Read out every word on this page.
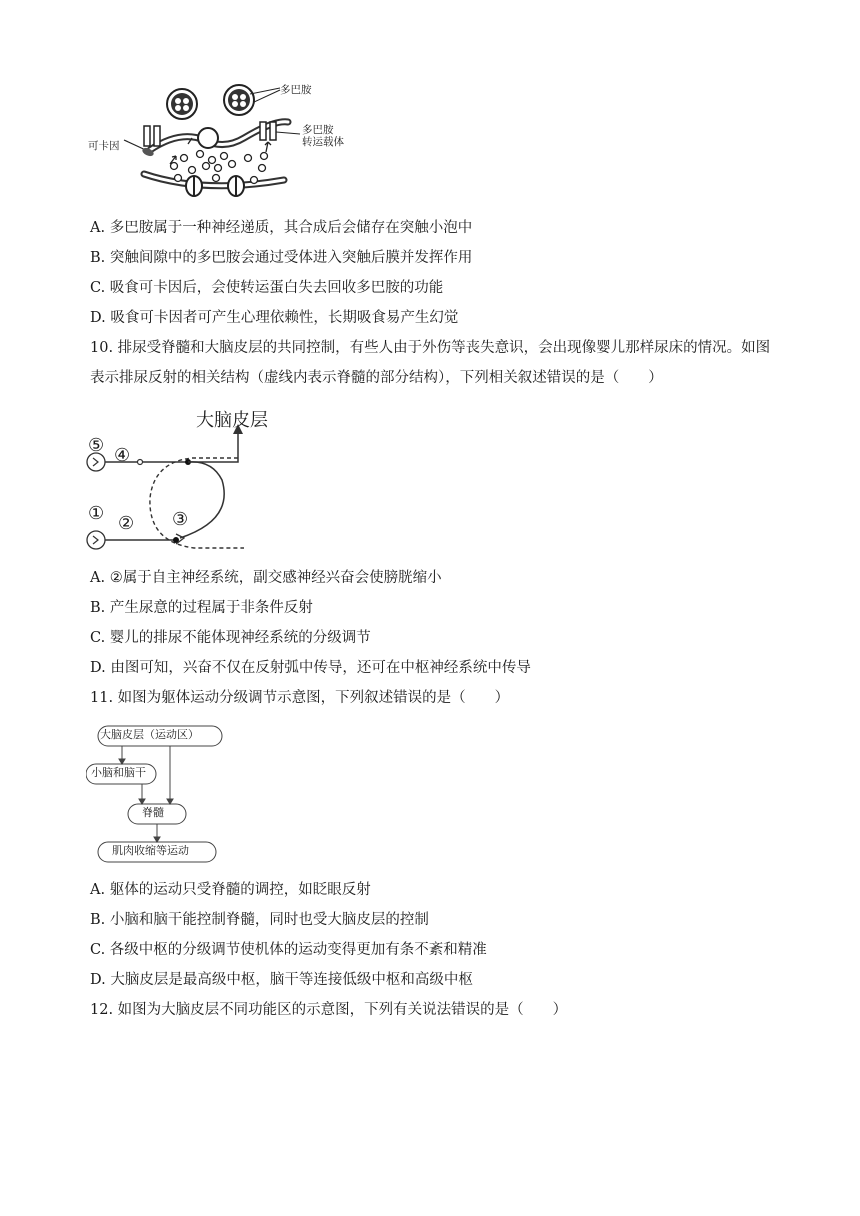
多巴胺
多巴胺
转运载体
可卡因
A. 多巴胺属于一种神经递质，其合成后会储存在突触小泡中
B. 突触间隙中的多巴胺会通过受体进入突触后膜并发挥作用
C. 吸食可卡因后，会使转运蛋白失去回收多巴胺的功能
D. 吸食可卡因者可产生心理依赖性，长期吸食易产生幻觉
10. 排尿受脊髓和大脑皮层的共同控制，有些人由于外伤等丧失意识，会出现像婴儿那样尿床的情况。如图
表示排尿反射的相关结构（虚线内表示脊髓的部分结构），下列相关叙述错误的是（　　）
大脑皮层
⑤ ④
① ② ③
A. ②属于自主神经系统，副交感神经兴奋会使膀胱缩小
B. 产生尿意的过程属于非条件反射
C. 婴儿的排尿不能体现神经系统的分级调节
D. 由图可知，兴奋不仅在反射弧中传导，还可在中枢神经系统中传导
11. 如图为躯体运动分级调节示意图，下列叙述错误的是（　　）
大脑皮层（运动区）
小脑和脑干
脊髓
肌肉收缩等运动
A. 躯体的运动只受脊髓的调控，如眨眼反射
B. 小脑和脑干能控制脊髓，同时也受大脑皮层的控制
C. 各级中枢的分级调节使机体的运动变得更加有条不紊和精准
D. 大脑皮层是最高级中枢，脑干等连接低级中枢和高级中枢
12. 如图为大脑皮层不同功能区的示意图，下列有关说法错误的是（　　）
